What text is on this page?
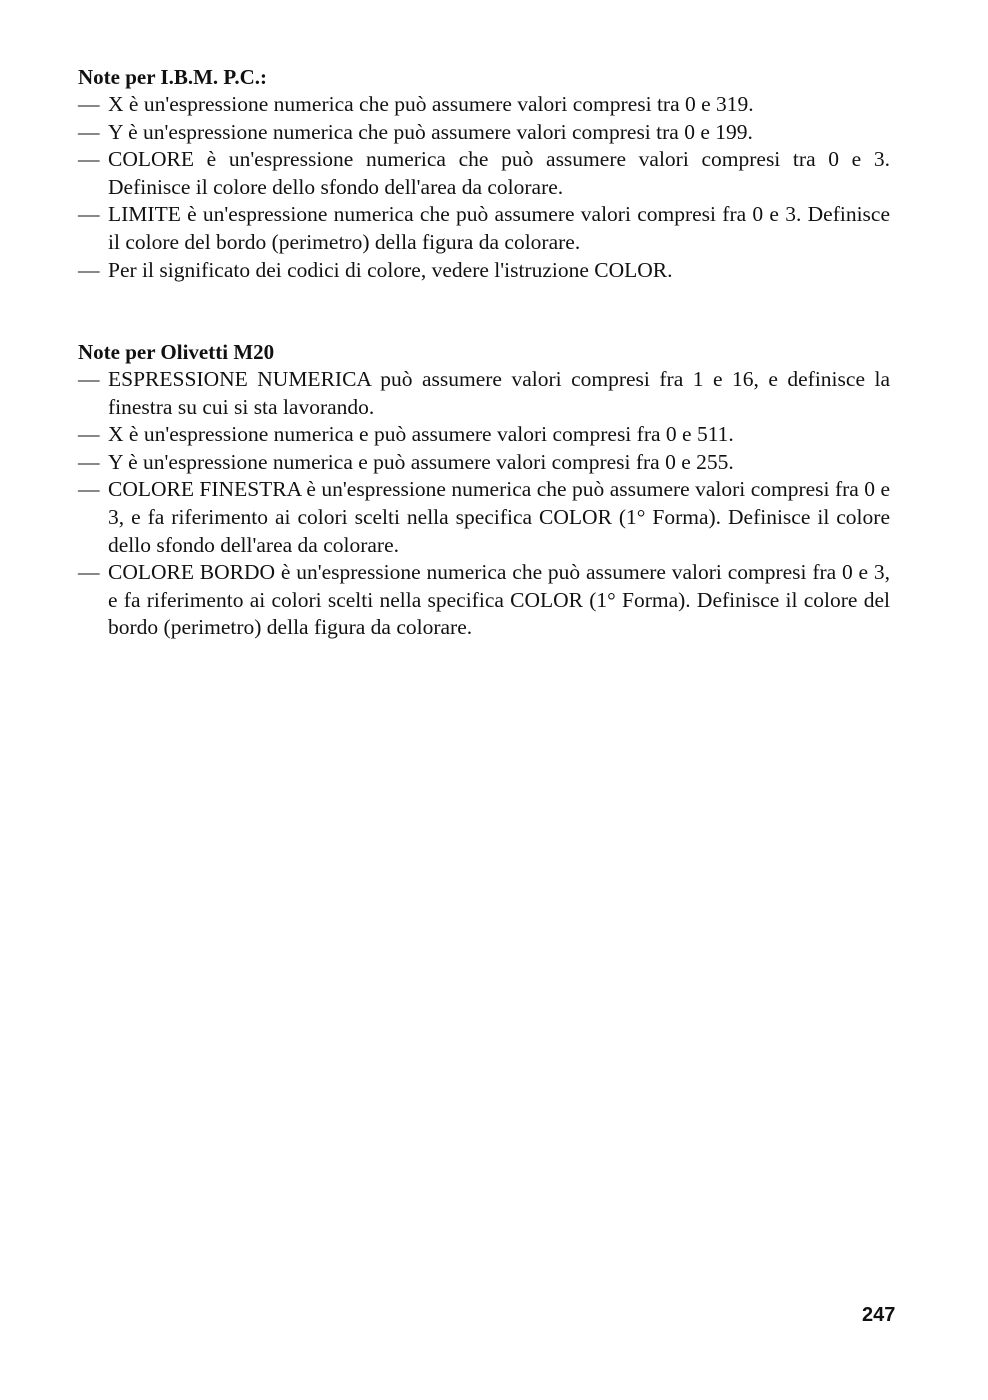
Note per I.B.M. P.C.:

— X è un'espressione numerica che può assumere valori compresi tra 0 e 319.
— Y è un'espressione numerica che può assumere valori compresi tra 0 e 199.
— COLORE è un'espressione numerica che può assumere valori compresi tra 0 e 3. Definisce il colore dello sfondo dell'area da colorare.
— LIMITE è un'espressione numerica che può assumere valori compresi fra 0 e 3. Definisce il colore del bordo (perimetro) della figura da colorare.
— Per il significato dei codici di colore, vedere l'istruzione COLOR.

Note per Olivetti M20

— ESPRESSIONE NUMERICA può assumere valori compresi fra 1 e 16, e definisce la finestra su cui si sta lavorando.
— X è un'espressione numerica e può assumere valori compresi fra 0 e 511.
— Y è un'espressione numerica e può assumere valori compresi fra 0 e 255.
— COLORE FINESTRA è un'espressione numerica che può assumere valori compresi fra 0 e 3, e fa riferimento ai colori scelti nella specifica COLOR (1° Forma). Definisce il colore dello sfondo dell'area da colorare.
— COLORE BORDO è un'espressione numerica che può assumere valori compresi fra 0 e 3, e fa riferimento ai colori scelti nella specifica COLOR (1° Forma). Definisce il colore del bordo (perimetro) della figura da colorare.
247
